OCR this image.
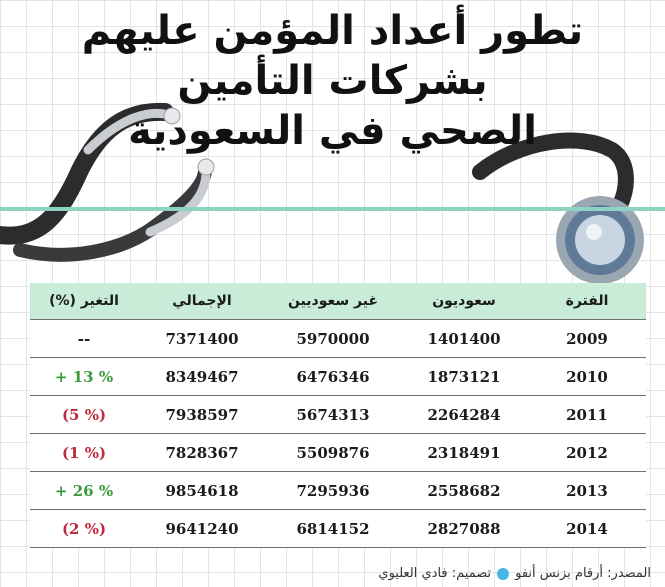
تطور أعداد المؤمن عليهم بشركات التأمين
الصحي في السعودية
الفترة
سعوديون
غير سعوديين
الإجمالي
التغير (%)
2009
1401400
5970000
7371400
--
2010
1873121
6476346
8349467
% 13 +
2011
2264284
5674313
7938597
(% 5)
2012
2318491
5509876
7828367
(% 1)
2013
2558682
7295936
9854618
% 26 +
2014
2827088
6814152
9641240
(% 2)
المصدر: أرقام بزنس أنفو
تصميم: فادي العليوي
